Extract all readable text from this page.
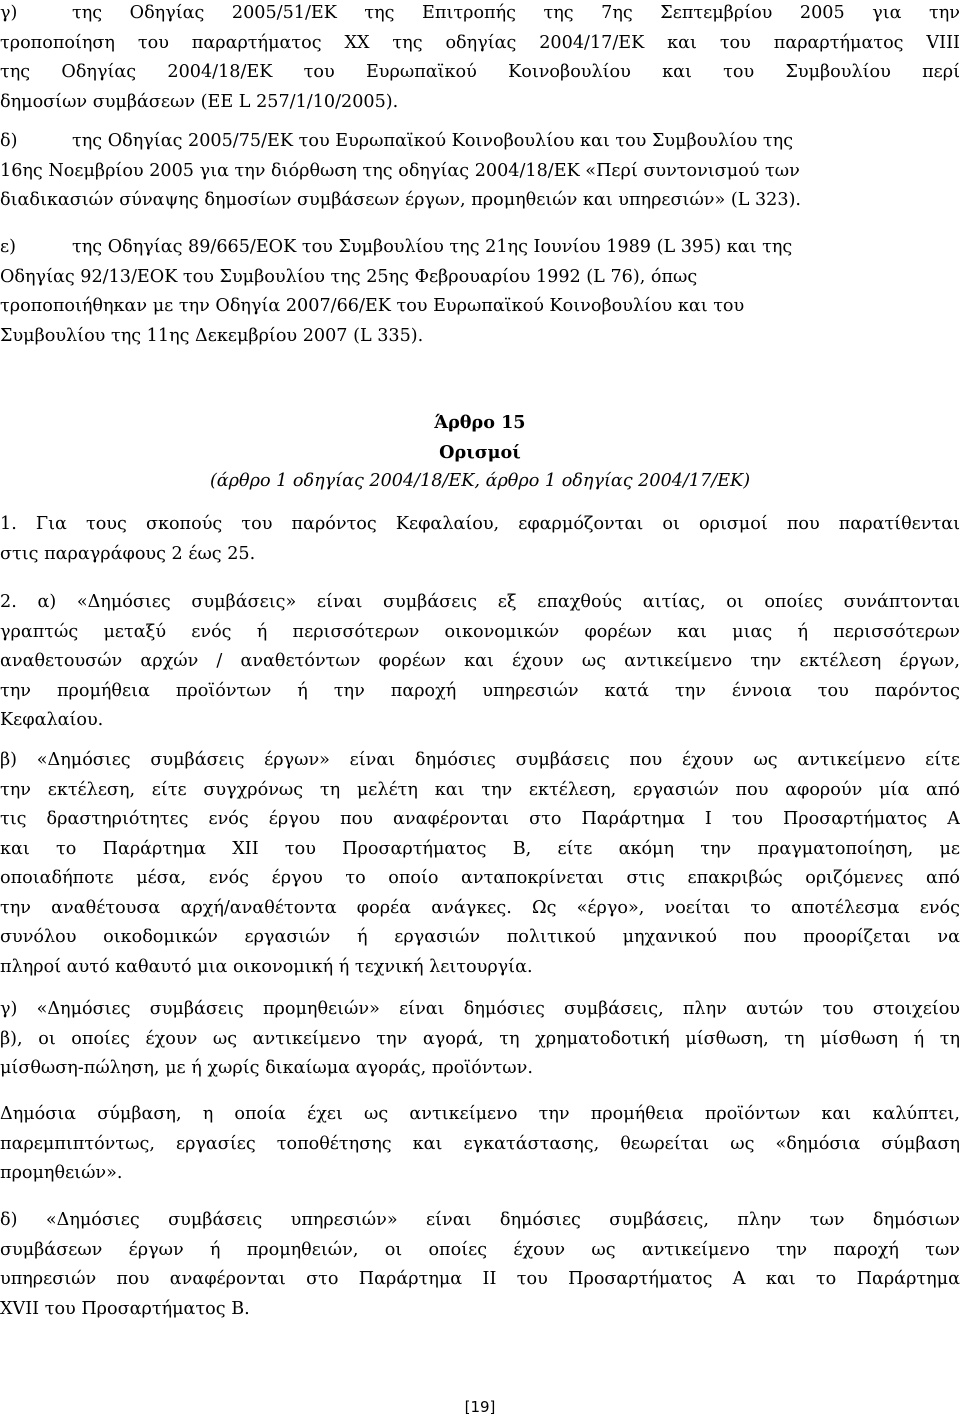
γ)	της Οδηγίας 2005/51/ΕΚ της Επιτροπής της 7ης Σεπτεμβρίου 2005 για την
τροποποίηση του παραρτήματος XX της οδηγίας 2004/17/ΕΚ και του παραρτήματος VIII
της Οδηγίας 2004/18/ΕΚ του Ευρωπαϊκού Κοινοβουλίου και του Συμβουλίου περί
δημοσίων συμβάσεων (ΕΕ L 257/1/10/2005).
δ)	της Οδηγίας 2005/75/ΕΚ του Ευρωπαϊκού Κοινοβουλίου και του Συμβουλίου της
16ης Νοεμβρίου 2005 για την διόρθωση της οδηγίας 2004/18/ΕΚ «Περί συντονισμού των
διαδικασιών σύναψης δημοσίων συμβάσεων έργων, προμηθειών και υπηρεσιών» (L 323).
ε)	της Οδηγίας 89/665/ΕΟΚ του Συμβουλίου της 21ης Ιουνίου 1989 (L 395) και της
Οδηγίας 92/13/ΕΟΚ του Συμβουλίου της 25ης Φεβρουαρίου 1992 (L 76), όπως
τροποποιήθηκαν με την Οδηγία 2007/66/ΕΚ του Ευρωπαϊκού Κοινοβουλίου και του
Συμβουλίου της 11ης Δεκεμβρίου 2007 (L 335).
Άρθρο 15
Ορισμοί
(άρθρο 1 οδηγίας 2004/18/ΕΚ, άρθρο 1 οδηγίας 2004/17/ΕΚ)
1. Για τους σκοπούς του παρόντος Κεφαλαίου, εφαρμόζονται οι ορισμοί που παρατίθενται
στις παραγράφους 2 έως 25.
2. α) «Δημόσιες συμβάσεις» είναι συμβάσεις εξ επαχθούς αιτίας, οι οποίες συνάπτονται
γραπτώς μεταξύ ενός ή περισσότερων οικονομικών φορέων και μιας ή περισσότερων
αναθετουσών αρχών / αναθετόντων φορέων και έχουν ως αντικείμενο την εκτέλεση έργων,
την προμήθεια προϊόντων ή την παροχή υπηρεσιών κατά την έννοια του παρόντος
Κεφαλαίου.
β) «Δημόσιες συμβάσεις έργων» είναι δημόσιες συμβάσεις που έχουν ως αντικείμενο είτε
την εκτέλεση, είτε συγχρόνως τη μελέτη και την εκτέλεση, εργασιών που αφορούν μία από
τις δραστηριότητες ενός έργου που αναφέρονται στο Παράρτημα I του Προσαρτήματος Α
και το Παράρτημα XII του Προσαρτήματος Β, είτε ακόμη την πραγματοποίηση, με
οποιαδήποτε μέσα, ενός έργου το οποίο ανταποκρίνεται στις επακριβώς οριζόμενες από
την αναθέτουσα αρχή/αναθέτοντα φορέα ανάγκες. Ως «έργο», νοείται το αποτέλεσμα ενός
συνόλου οικοδομικών εργασιών ή εργασιών πολιτικού μηχανικού που προορίζεται να
πληροί αυτό καθαυτό μια οικονομική ή τεχνική λειτουργία.
γ) «Δημόσιες συμβάσεις προμηθειών» είναι δημόσιες συμβάσεις, πλην αυτών του στοιχείου
β), οι οποίες έχουν ως αντικείμενο την αγορά, τη χρηματοδοτική μίσθωση, τη μίσθωση ή τη
μίσθωση-πώληση, με ή χωρίς δικαίωμα αγοράς, προϊόντων.
Δημόσια σύμβαση, η οποία έχει ως αντικείμενο την προμήθεια προϊόντων και καλύπτει,
παρεμπιπτόντως, εργασίες τοποθέτησης και εγκατάστασης, θεωρείται ως «δημόσια σύμβαση
προμηθειών».
δ) «Δημόσιες συμβάσεις υπηρεσιών» είναι δημόσιες συμβάσεις, πλην των δημόσιων
συμβάσεων έργων ή προμηθειών, οι οποίες έχουν ως αντικείμενο την παροχή των
υπηρεσιών που αναφέρονται στο Παράρτημα II του Προσαρτήματος Α και το Παράρτημα
XVII του Προσαρτήματος Β.
[19]
